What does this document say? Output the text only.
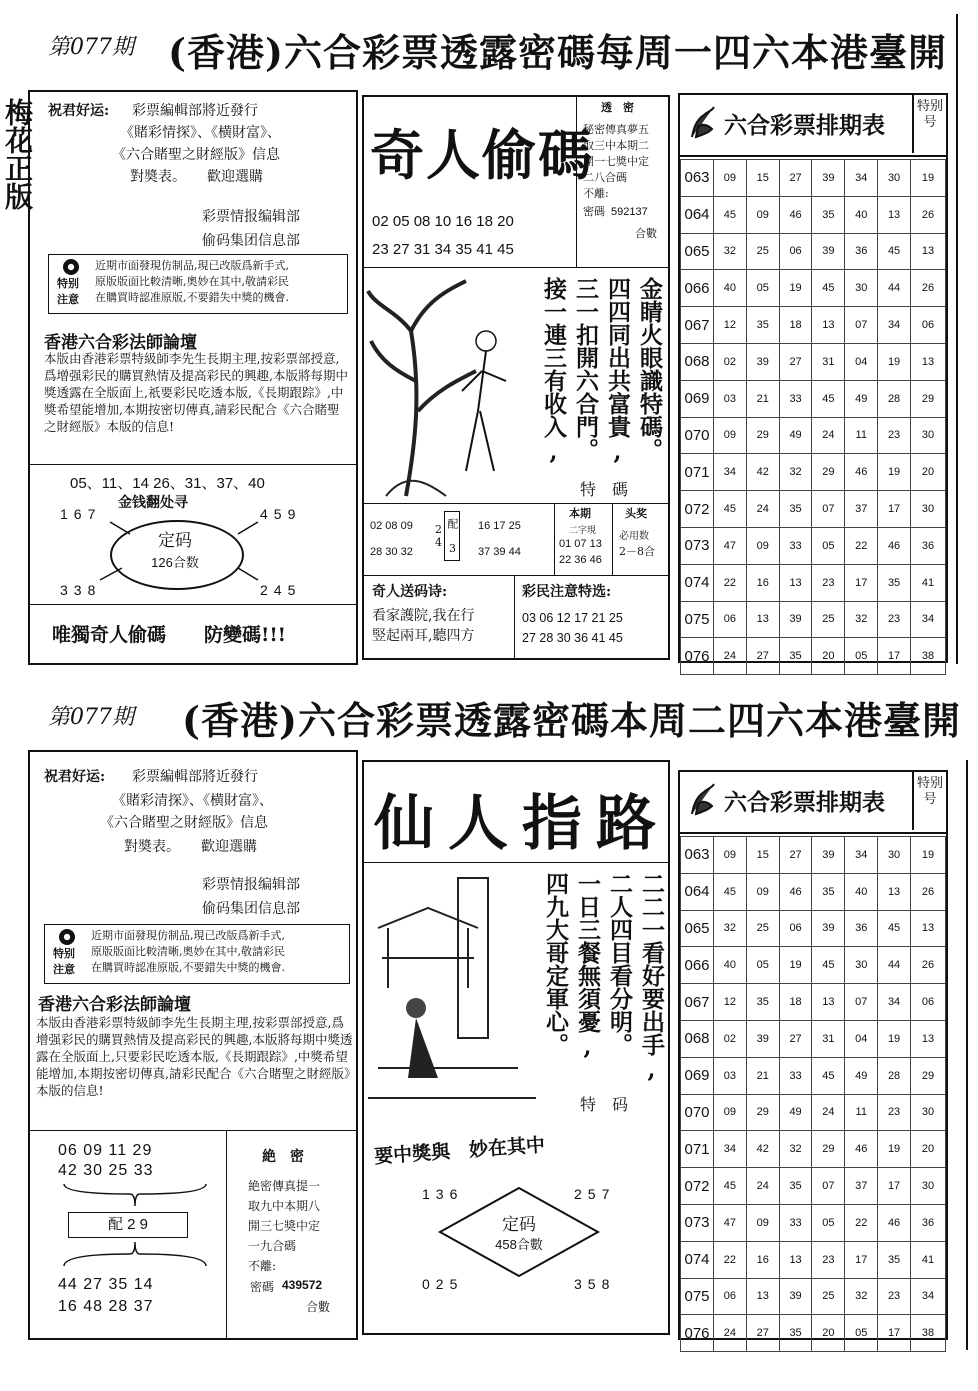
第077期 (香港)六合彩票透露密碼每周一四六本港臺開
梅花正版 祝君好运: 彩票編輯部將近發行
《賭彩情探》、《横財富》、
《六合賭聖之財經版》信息
對奬表。　　歡迎選購
彩票情报编辑部
偷码集团信息部
特别
注意
近期市面發現仿制品,現已改版爲新手式,
原版版面比較清晰,奧妙在其中,敬請彩民
在購買時認准原版,不要錯失中獎的機會.
香港六合彩法師論壇
本版由香港彩票特級師李先生長期主理,按彩票部授意,爲增强彩民的購買熱情及提高彩民的興趣,本版將每期中獎透露在全版面上,祇要彩民吃透本版,《長期跟踪》,中獎希望能增加,本期按密切傳真,請彩民配合《六合賭聖之財經版》本版的信息!
05、11、14 26、31、37、40
金钱翻处寻
167	459
338	245
定码
126合数
唯獨奇人偷碼　　防變碼!!!
奇人偷碼
透　密
秘密傳真夢五
取三中本期二
開一七獎中定
二八合碼
不離:
密碼 592137
合數
02 05 08 10 16 18 20
23 27 31 34 35 41 45
接一連三有收入, 三一扣開六合門。 四四同出共富貴, 金睛火眼識特碼。
特　碼
02 08 09
28 30 32	配 3 24	16 17 25
37 39 44
本期
二字現
01 07 13
22 36 46
头奖
必用数
2－8合
奇人送码诗:
看家護院,我在行
竪起兩耳,聽四方
彩民注意特选:
03 06 12 17 21 25
27 28 30 36 41 45
六合彩票排期表
特别号
063	09	15	27	39	34	30	19
064	45	09	46	35	40	13	26
065	32	25	06	39	36	45	13
066	40	05	19	45	30	44	26
067	12	35	18	13	07	34	06
068	02	39	27	31	04	19	13
069	03	21	33	45	49	28	29
070	09	29	49	24	11	23	30
071	34	42	32	29	46	19	20
072	45	24	35	07	37	17	30
073	47	09	33	05	22	46	36
074	22	16	13	23	17	35	41
075	06	13	39	25	32	23	34
076	24	27	35	20	05	17	38
第077期 (香港)六合彩票透露密碼本周二四六本港臺開
祝君好运: 彩票編輯部將近發行
《賭彩清探》、《横財富》、
《六合賭聖之財經版》信息
對奬表。　　歡迎選購
彩票情报编辑部
偷码集团信息部
特别
注意
近期市面發現仿制品,現已改版爲新手式,
原版版面比較清晰,奧妙在其中,敬請彩民
在購買時認准原版,不要錯失中獎的機會.
香港六合彩法師論壇
本版由香港彩票特級師李先生長期主理,按彩票部授意,爲增强彩民的購買熱情及提高彩民的興趣,本版將每期中獎透露在全版面上,只要彩民吃透本版,《長期跟踪》,中獎希望能增加,本期按密切傳真,請彩民配合《六合賭聖之財經版》本版的信息!
06 09 11 29
42 30 25 33
配 2 9
44 27 35 14
16 48 28 37
絶　密
絶密傳真提一
取九中本期八
開三七獎中定
一九合碼
不離:
密碼 439572
合數
仙人指路
四九大哥定軍心。 一日三餐無須憂, 二人四目看分明。 二二一看好要出手,
特　码
要中獎與　妙在其中
136	257
025	358
定码
458合數
六合彩票排期表
特别号
063	09	15	27	39	34	30	19
064	45	09	46	35	40	13	26
065	32	25	06	39	36	45	13
066	40	05	19	45	30	44	26
067	12	35	18	13	07	34	06
068	02	39	27	31	04	19	13
069	03	21	33	45	49	28	29
070	09	29	49	24	11	23	30
071	34	42	32	29	46	19	20
072	45	24	35	07	37	17	30
073	47	09	33	05	22	46	36
074	22	16	13	23	17	35	41
075	06	13	39	25	32	23	34
076	24	27	35	20	05	17	38
